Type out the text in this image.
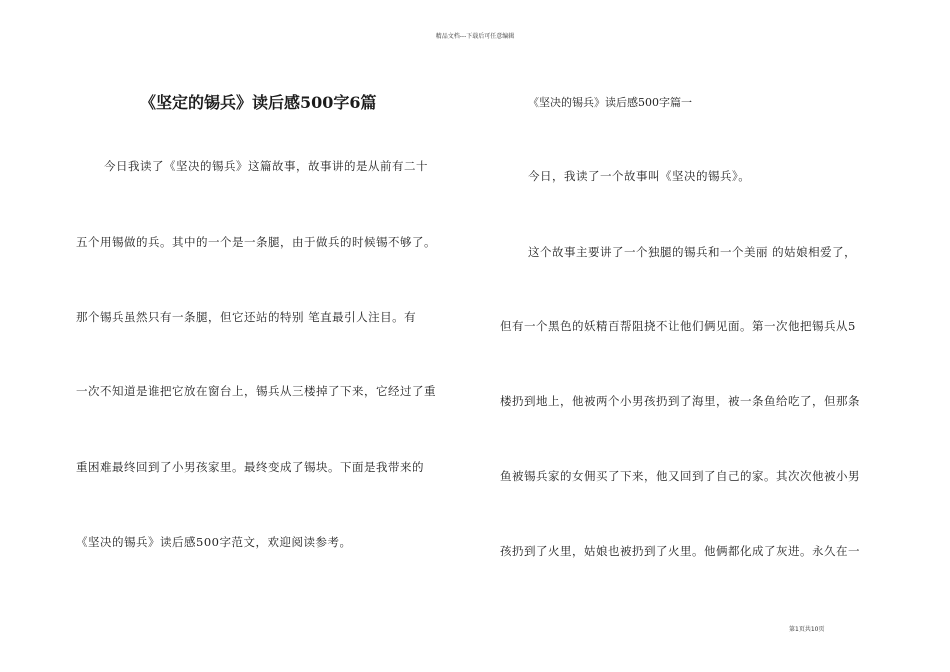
精品文档---下载后可任意编辑
《坚定的锡兵》读后感500字6篇
今日我读了《坚决的锡兵》这篇故事，故事讲的是从前有二十
五个用锡做的兵。其中的一个是一条腿，由于做兵的时候锡不够了。
那个锡兵虽然只有一条腿，但它还站的特别 笔直最引人注目。有
一次不知道是谁把它放在窗台上，锡兵从三楼掉了下来，它经过了重
重困难最终回到了小男孩家里。最终变成了锡块。下面是我带来的
《坚决的锡兵》读后感500字范文，欢迎阅读参考。
《坚决的锡兵》读后感500字篇一
今日，我读了一个故事叫《坚决的锡兵》。
这个故事主要讲了一个独腿的锡兵和一个美丽 的姑娘相爱了，
但有一个黑色的妖精百帮阻挠不让他们俩见面。第一次他把锡兵从5
楼扔到地上，他被两个小男孩扔到了海里，被一条鱼给吃了，但那条
鱼被锡兵家的女佣买了下来，他又回到了自己的家。其次次他被小男
孩扔到了火里，姑娘也被扔到了火里。他俩都化成了灰进。永久在一
第1页共10页
